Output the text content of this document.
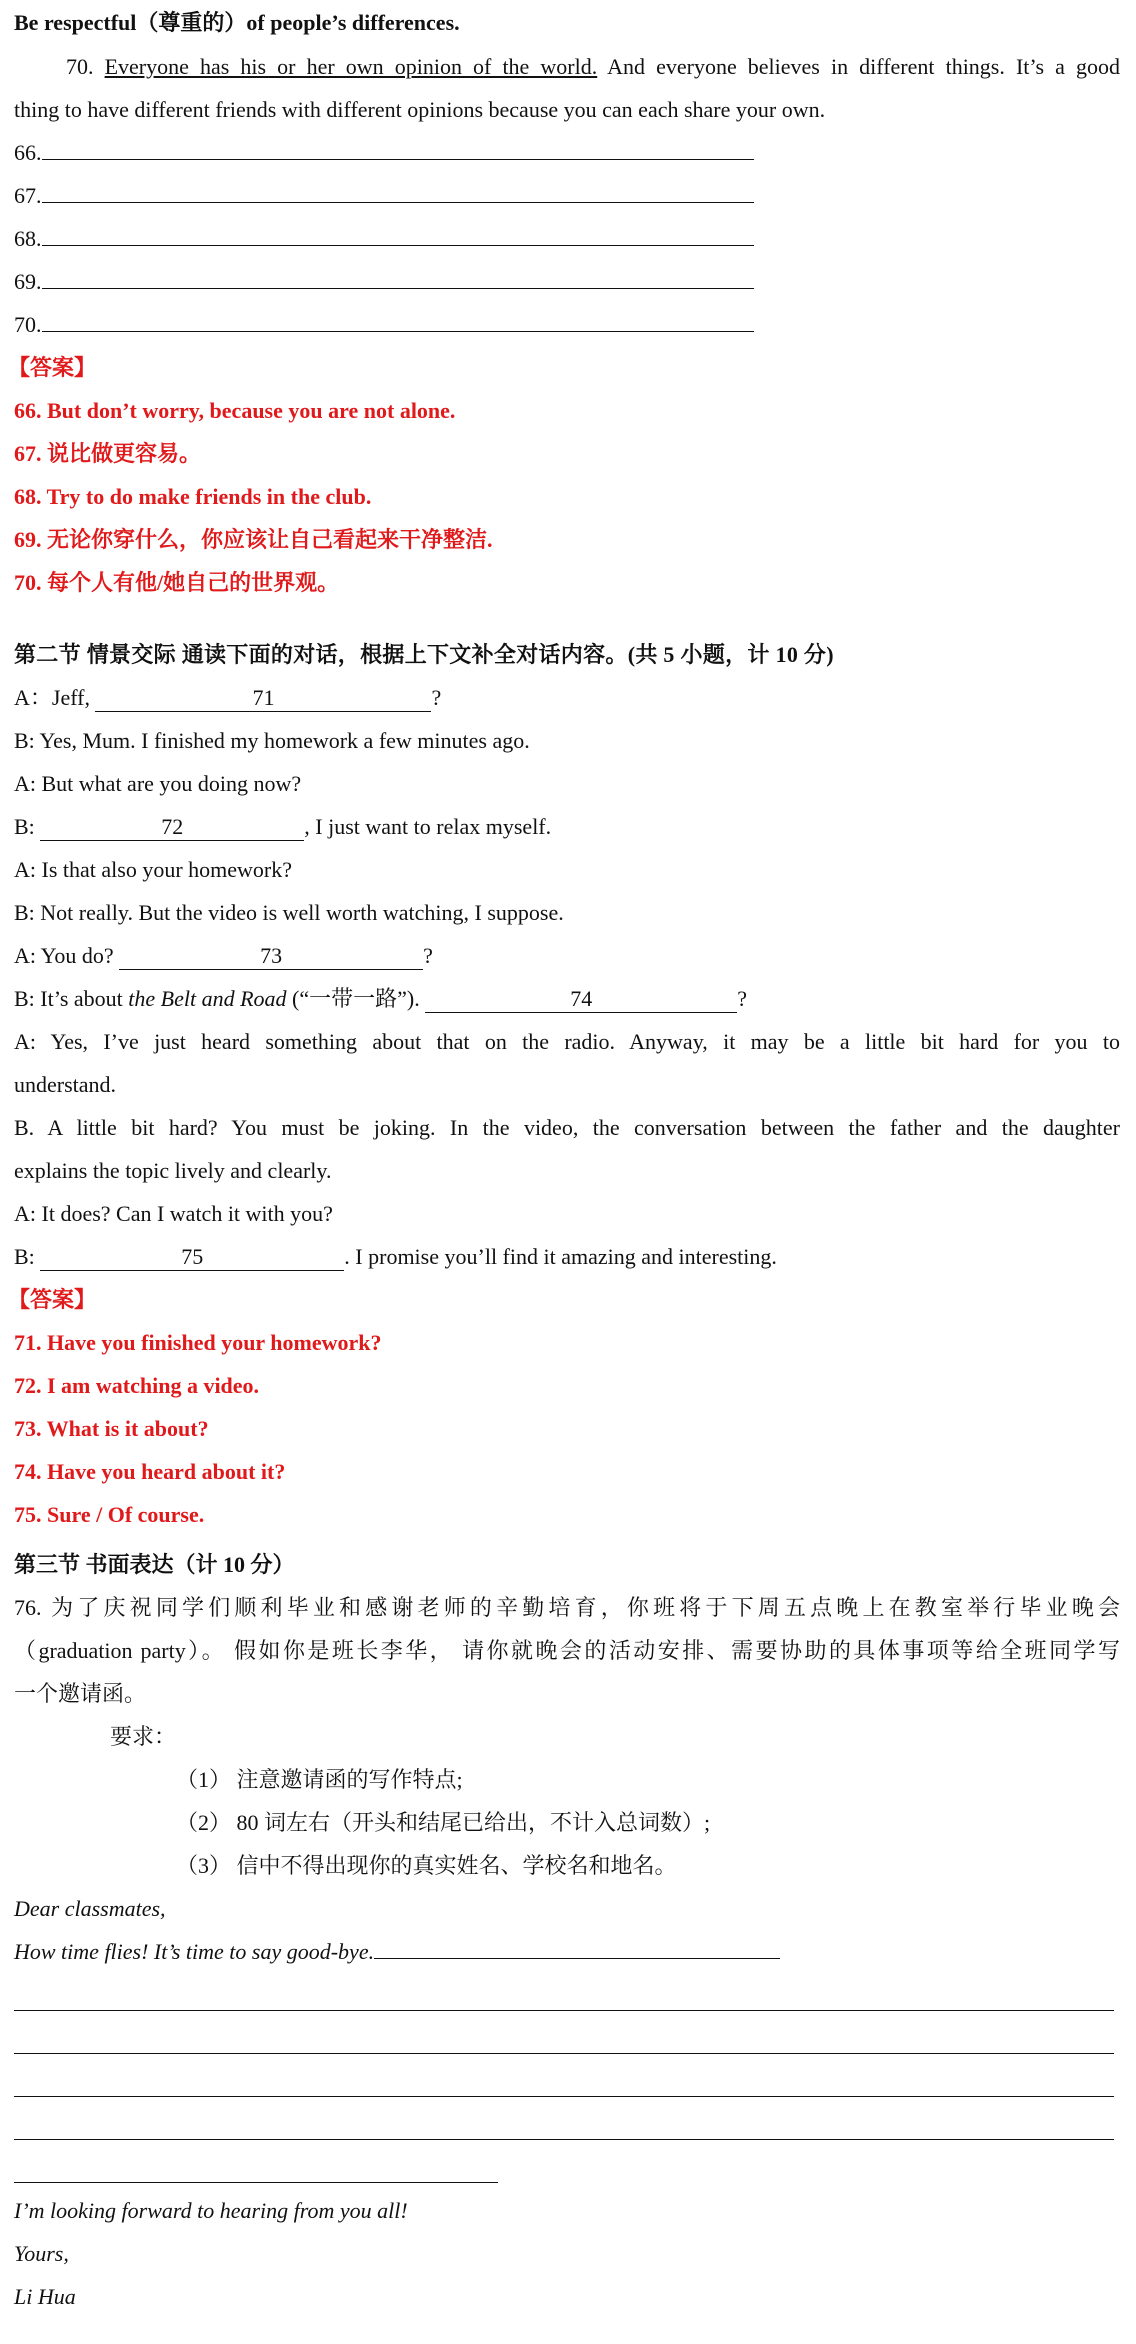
Be respectful（尊重的）of people’s differences.
70. Everyone has his or her own opinion of the world. And everyone believes in different things. It’s a good
thing to have different friends with different opinions because you can each share your own.
66.
67.
68.
69.
70.
【答案】
66. But don’t worry, because you are not alone.
67. 说比做更容易。
68. Try to do make friends in the club.
69. 无论你穿什么，你应该让自己看起来干净整洁.
70. 每个人有他/她自己的世界观。
第二节 情景交际 通读下面的对话，根据上下文补全对话内容。(共 5 小题，计 10 分)
A：Jeff,	71	?
B: Yes, Mum. I finished my homework a few minutes ago.
A: But what are you doing now?
B:	72	, I just want to relax myself.
A: Is that also your homework?
B: Not really. But the video is well worth watching, I suppose.
A: You do?	73	?
B: It’s about the Belt and Road (“一带一路”).	74	?
A: Yes, I’ve just heard something about that on the radio. Anyway, it may be a little bit hard for you to
understand.
B. A little bit hard? You must be joking. In the video, the conversation between the father and the daughter
explains the topic lively and clearly.
A: It does? Can I watch it with you?
B:	75	. I promise you’ll find it amazing and interesting.
【答案】
71. Have you finished your homework?
72. I am watching a video.
73. What is it about?
74. Have you heard about it?
75. Sure / Of course.
第三节 书面表达（计 10 分）
76. 为了庆祝同学们顺利毕业和感谢老师的辛勤培育，你班将于下周五点晚上在教室举行毕业晚会
（graduation party）。 假如你是班长李华， 请你就晚会的活动安排、需要协助的具体事项等给全班同学写
一个邀请函。
要求：
（1） 注意邀请函的写作特点;
（2） 80 词左右（开头和结尾已给出，不计入总词数）;
（3） 信中不得出现你的真实姓名、学校名和地名。
Dear classmates,
How time flies! It’s time to say good-bye.
I’m looking forward to hearing from you all!
Yours,
Li Hua
